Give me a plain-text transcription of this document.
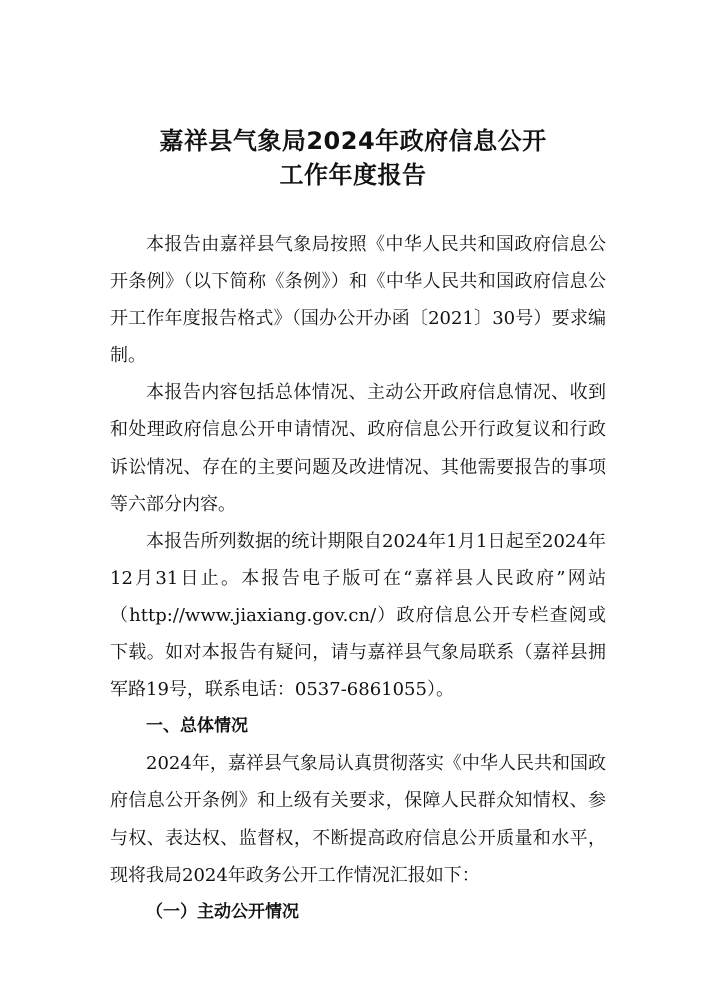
嘉祥县气象局2024年政府信息公开
工作年度报告

本报告由嘉祥县气象局按照《中华人民共和国政府信息公开条例》（以下简称《条例》）和《中华人民共和国政府信息公开工作年度报告格式》（国办公开办函〔2021〕30号）要求编制。

本报告内容包括总体情况、主动公开政府信息情况、收到和处理政府信息公开申请情况、政府信息公开行政复议和行政诉讼情况、存在的主要问题及改进情况、其他需要报告的事项等六部分内容。

本报告所列数据的统计期限自2024年1月1日起至2024年12月31日止。本报告电子版可在“嘉祥县人民政府”网站（http://www.jiaxiang.gov.cn/）政府信息公开专栏查阅或下载。如对本报告有疑问，请与嘉祥县气象局联系（嘉祥县拥军路19号，联系电话：0537-6861055）。

一、总体情况

2024年，嘉祥县气象局认真贯彻落实《中华人民共和国政府信息公开条例》和上级有关要求，保障人民群众知情权、参与权、表达权、监督权，不断提高政府信息公开质量和水平，现将我局2024年政务公开工作情况汇报如下：

（一）主动公开情况
